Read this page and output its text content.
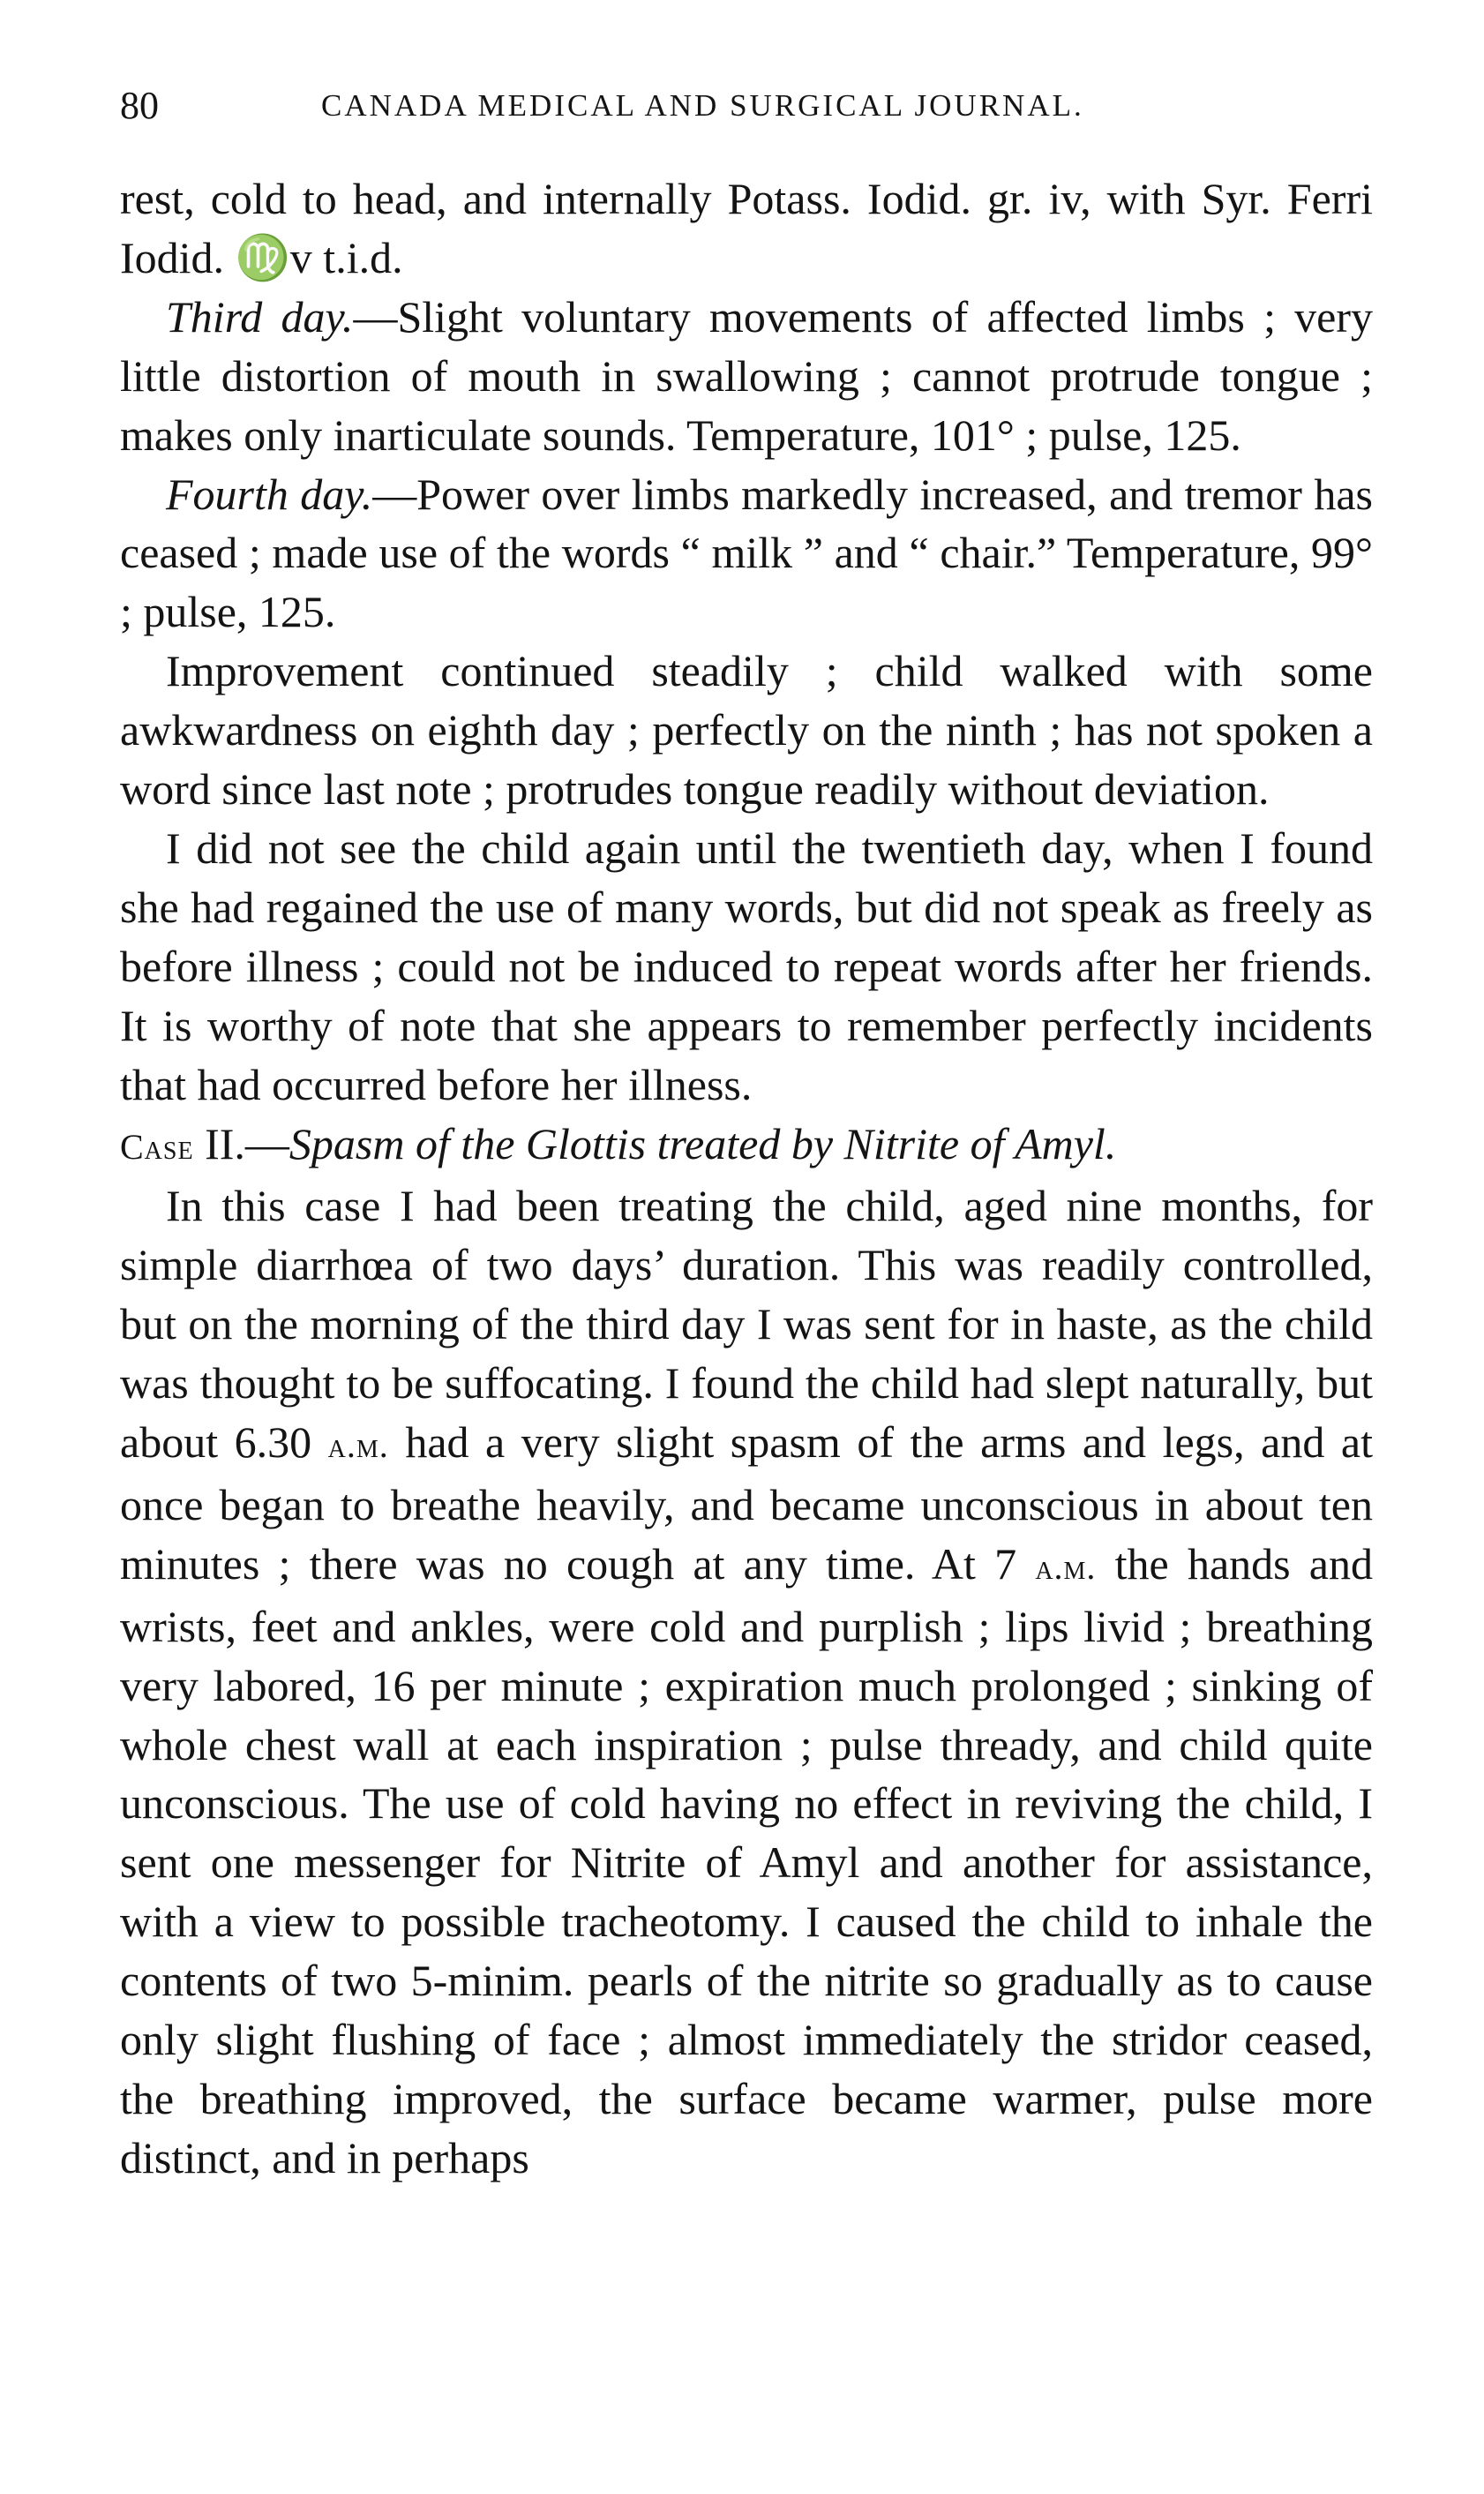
80	CANADA MEDICAL AND SURGICAL JOURNAL.

rest, cold to head, and internally Potass. Iodid. gr. iv, with Syr. Ferri Iodid. ♍v t.i.d.

Third day.—Slight voluntary movements of affected limbs ; very little distortion of mouth in swallowing ; cannot protrude tongue ; makes only inarticulate sounds. Temperature, 101° ; pulse, 125.

Fourth day.—Power over limbs markedly increased, and tremor has ceased ; made use of the words “ milk ” and “ chair.” Temperature, 99° ; pulse, 125.

Improvement continued steadily ; child walked with some awkwardness on eighth day ; perfectly on the ninth ; has not spoken a word since last note ; protrudes tongue readily without deviation.

I did not see the child again until the twentieth day, when I found she had regained the use of many words, but did not speak as freely as before illness ; could not be induced to repeat words after her friends. It is worthy of note that she appears to remember perfectly incidents that had occurred before her illness.

Case II.—Spasm of the Glottis treated by Nitrite of Amyl.

In this case I had been treating the child, aged nine months, for simple diarrhœa of two days’ duration. This was readily controlled, but on the morning of the third day I was sent for in haste, as the child was thought to be suffocating. I found the child had slept naturally, but about 6.30 a.m. had a very slight spasm of the arms and legs, and at once began to breathe heavily, and became unconscious in about ten minutes ; there was no cough at any time. At 7 a.m. the hands and wrists, feet and ankles, were cold and purplish ; lips livid ; breathing very labored, 16 per minute ; expiration much prolonged ; sinking of whole chest wall at each inspiration ; pulse thready, and child quite unconscious. The use of cold having no effect in reviving the child, I sent one messenger for Nitrite of Amyl and another for assistance, with a view to possible tracheotomy. I caused the child to inhale the contents of two 5-minim. pearls of the nitrite so gradually as to cause only slight flushing of face ; almost immediately the stridor ceased, the breathing improved, the surface became warmer, pulse more distinct, and in perhaps
